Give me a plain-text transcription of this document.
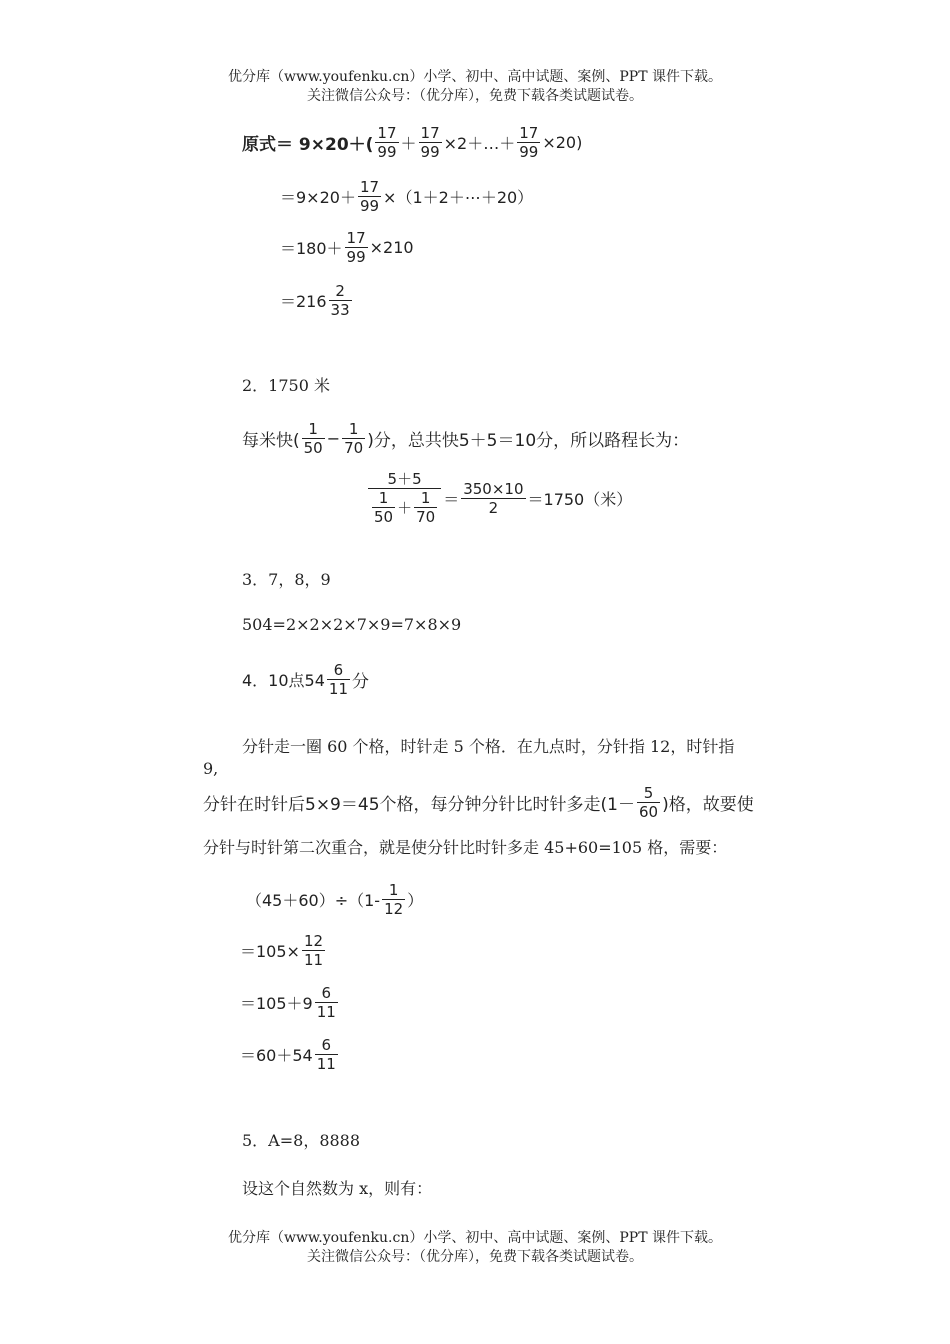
优分库（www.youfenku.cn）小学、初中、高中试题、案例、PPT 课件下载。
关注微信公众号：（优分库），免费下载各类试题试卷。
原式＝ $9\times 20+( \frac{17}{99} + \frac{17}{99}$ ×2＋…＋ $\frac{17}{99} \times 20$)
$=9\times 20+ \frac{17}{99}$ ×（1＋2＋⋯＋20）
$=180+ \frac{17}{99} \times 210$
$=216 \frac{2}{33}$
2．1750 米
每米快( $\frac{1}{50} - \frac{1}{70}$ )分，总共快5＋5＝10分，所以路程长为：
$\frac{5+5}{\frac{1}{50} + \frac{1}{70}} = \frac{350\times 10}{2} =1750$（米）
3．7，8，9
504=2×2×2×7×9=7×8×9
4．10点$54 \frac{6}{11}$ 分
分针走一圈 60 个格，时针走 5 个格．在九点时，分针指 12，时针指
9,
分针在时针后5×9＝45个格，每分钟分针比时针多走($1- \frac{5}{60}$ )格，故要使
分针与时针第二次重合，就是使分针比时针多走 45+60=105 格，需要：
$(45+60)\div(1- \frac{1}{12}$ ）
$=105\times \frac{12}{11}$
$=105+9 \frac{6}{11}$
$=60+54 \frac{6}{11}$
5．A=8，8888
设这个自然数为 x，则有：
优分库（www.youfenku.cn）小学、初中、高中试题、案例、PPT 课件下载。
关注微信公众号：（优分库），免费下载各类试题试卷。
